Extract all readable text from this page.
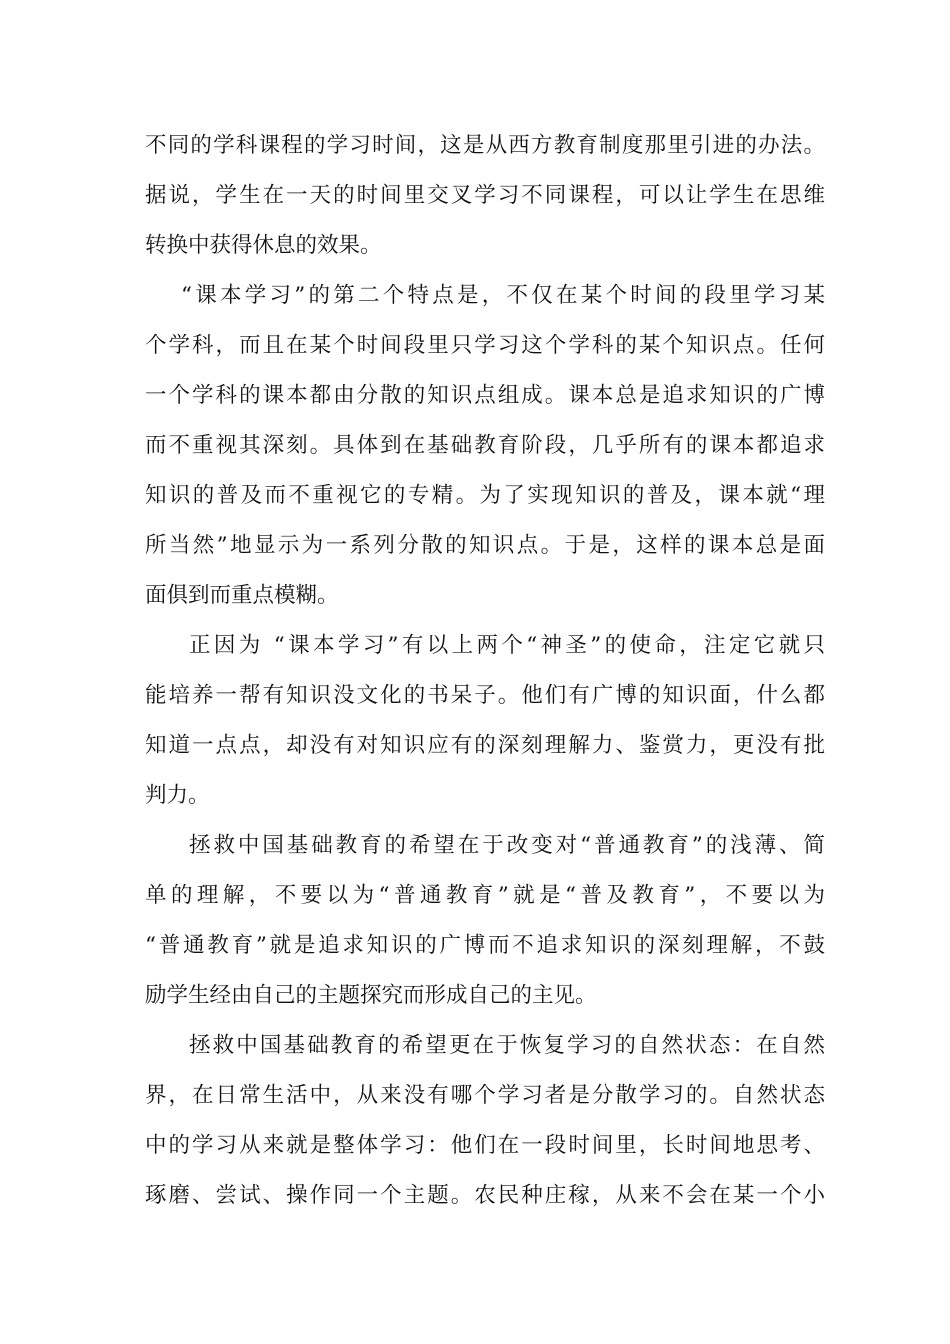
不同的学科课程的学习时间，这是从西方教育制度那里引进的办法。
据说，学生在一天的时间里交叉学习不同课程，可以让学生在思维
转换中获得休息的效果。
“课本学习”的第二个特点是，不仅在某个时间的段里学习某
个学科，而且在某个时间段里只学习这个学科的某个知识点。任何
一个学科的课本都由分散的知识点组成。课本总是追求知识的广博
而不重视其深刻。具体到在基础教育阶段，几乎所有的课本都追求
知识的普及而不重视它的专精。为了实现知识的普及，课本就“理
所当然”地显示为一系列分散的知识点。于是，这样的课本总是面
面俱到而重点模糊。
正因为 “课本学习”有以上两个“神圣”的使命，注定它就只
能培养一帮有知识没文化的书呆子。他们有广博的知识面，什么都
知道一点点，却没有对知识应有的深刻理解力、鉴赏力，更没有批
判力。
拯救中国基础教育的希望在于改变对“普通教育”的浅薄、简
单的理解，不要以为“普通教育”就是“普及教育”，不要以为
“普通教育”就是追求知识的广博而不追求知识的深刻理解，不鼓
励学生经由自己的主题探究而形成自己的主见。
拯救中国基础教育的希望更在于恢复学习的自然状态：在自然
界，在日常生活中，从来没有哪个学习者是分散学习的。自然状态
中的学习从来就是整体学习：他们在一段时间里，长时间地思考、
琢磨、尝试、操作同一个主题。农民种庄稼，从来不会在某一个小
